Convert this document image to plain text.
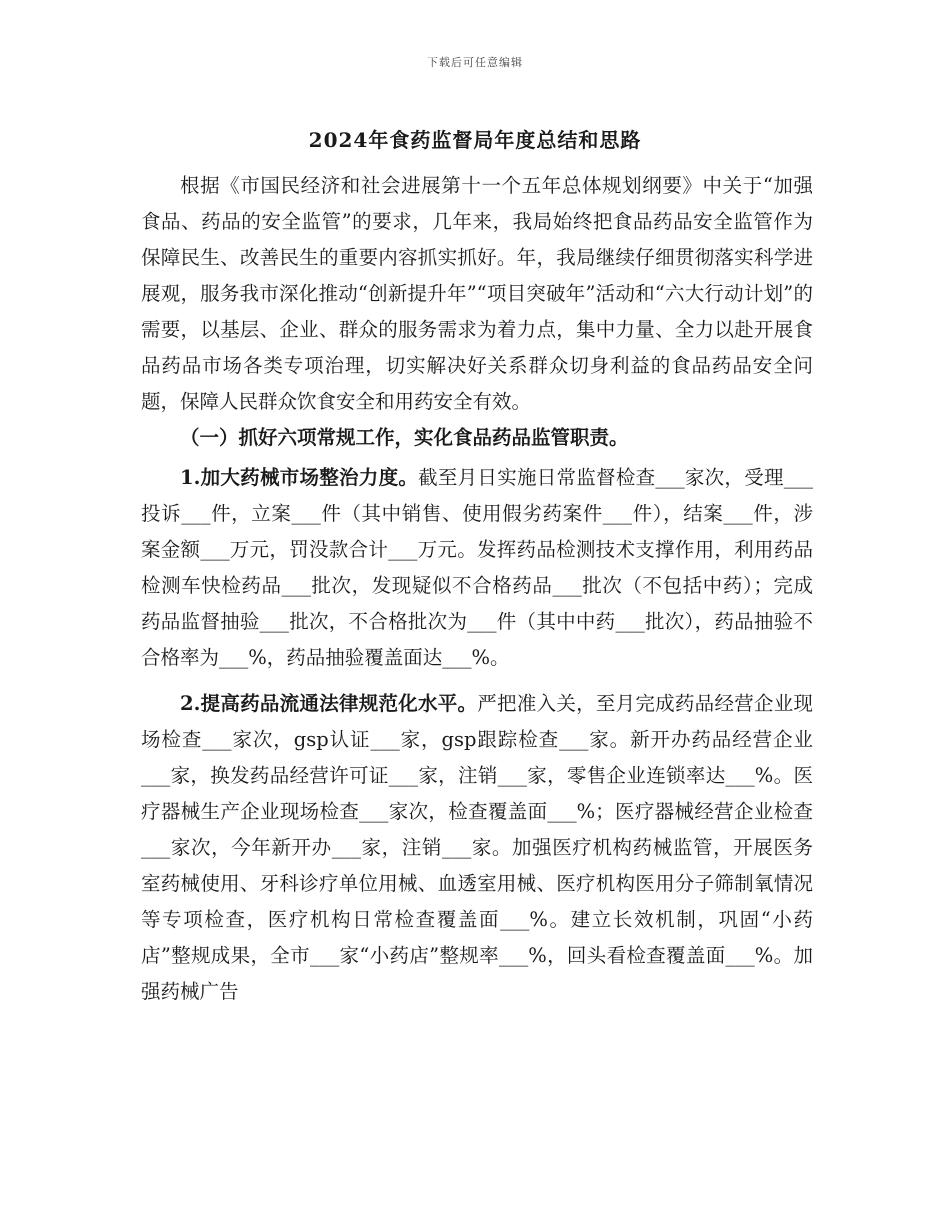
下载后可任意编辑
2024年食药监督局年度总结和思路

根据《市国民经济和社会进展第十一个五年总体规划纲要》中关于“加强食品、药品的安全监管”的要求，几年来，我局始终把食品药品安全监管作为保障民生、改善民生的重要内容抓实抓好。年，我局继续仔细贯彻落实科学进展观，服务我市深化推动“创新提升年”“项目突破年”活动和“六大行动计划”的需要，以基层、企业、群众的服务需求为着力点，集中力量、全力以赴开展食品药品市场各类专项治理，切实解决好关系群众切身利益的食品药品安全问题，保障人民群众饮食安全和用药安全有效。

（一）抓好六项常规工作，实化食品药品监管职责。

1.加大药械市场整治力度。截至月日实施日常监督检查___家次，受理___投诉___件，立案___件（其中销售、使用假劣药案件___件），结案___件，涉案金额___万元，罚没款合计___万元。发挥药品检测技术支撑作用，利用药品检测车快检药品___批次，发现疑似不合格药品___批次（不包括中药）；完成药品监督抽验___批次，不合格批次为___件（其中中药___批次），药品抽验不合格率为___%，药品抽验覆盖面达___%。

2.提高药品流通法律规范化水平。严把准入关，至月完成药品经营企业现场检查___家次，gsp认证___家，gsp跟踪检查___家。新开办药品经营企业___家，换发药品经营许可证___家，注销___家，零售企业连锁率达___%。医疗器械生产企业现场检查___家次，检查覆盖面___%；医疗器械经营企业检查___家次，今年新开办___家，注销___家。加强医疗机构药械监管，开展医务室药械使用、牙科诊疗单位用械、血透室用械、医疗机构医用分子筛制氧情况等专项检查，医疗机构日常检查覆盖面___%。建立长效机制，巩固“小药店”整规成果，全市___家“小药店”整规率___%，回头看检查覆盖面___%。加强药械广告
